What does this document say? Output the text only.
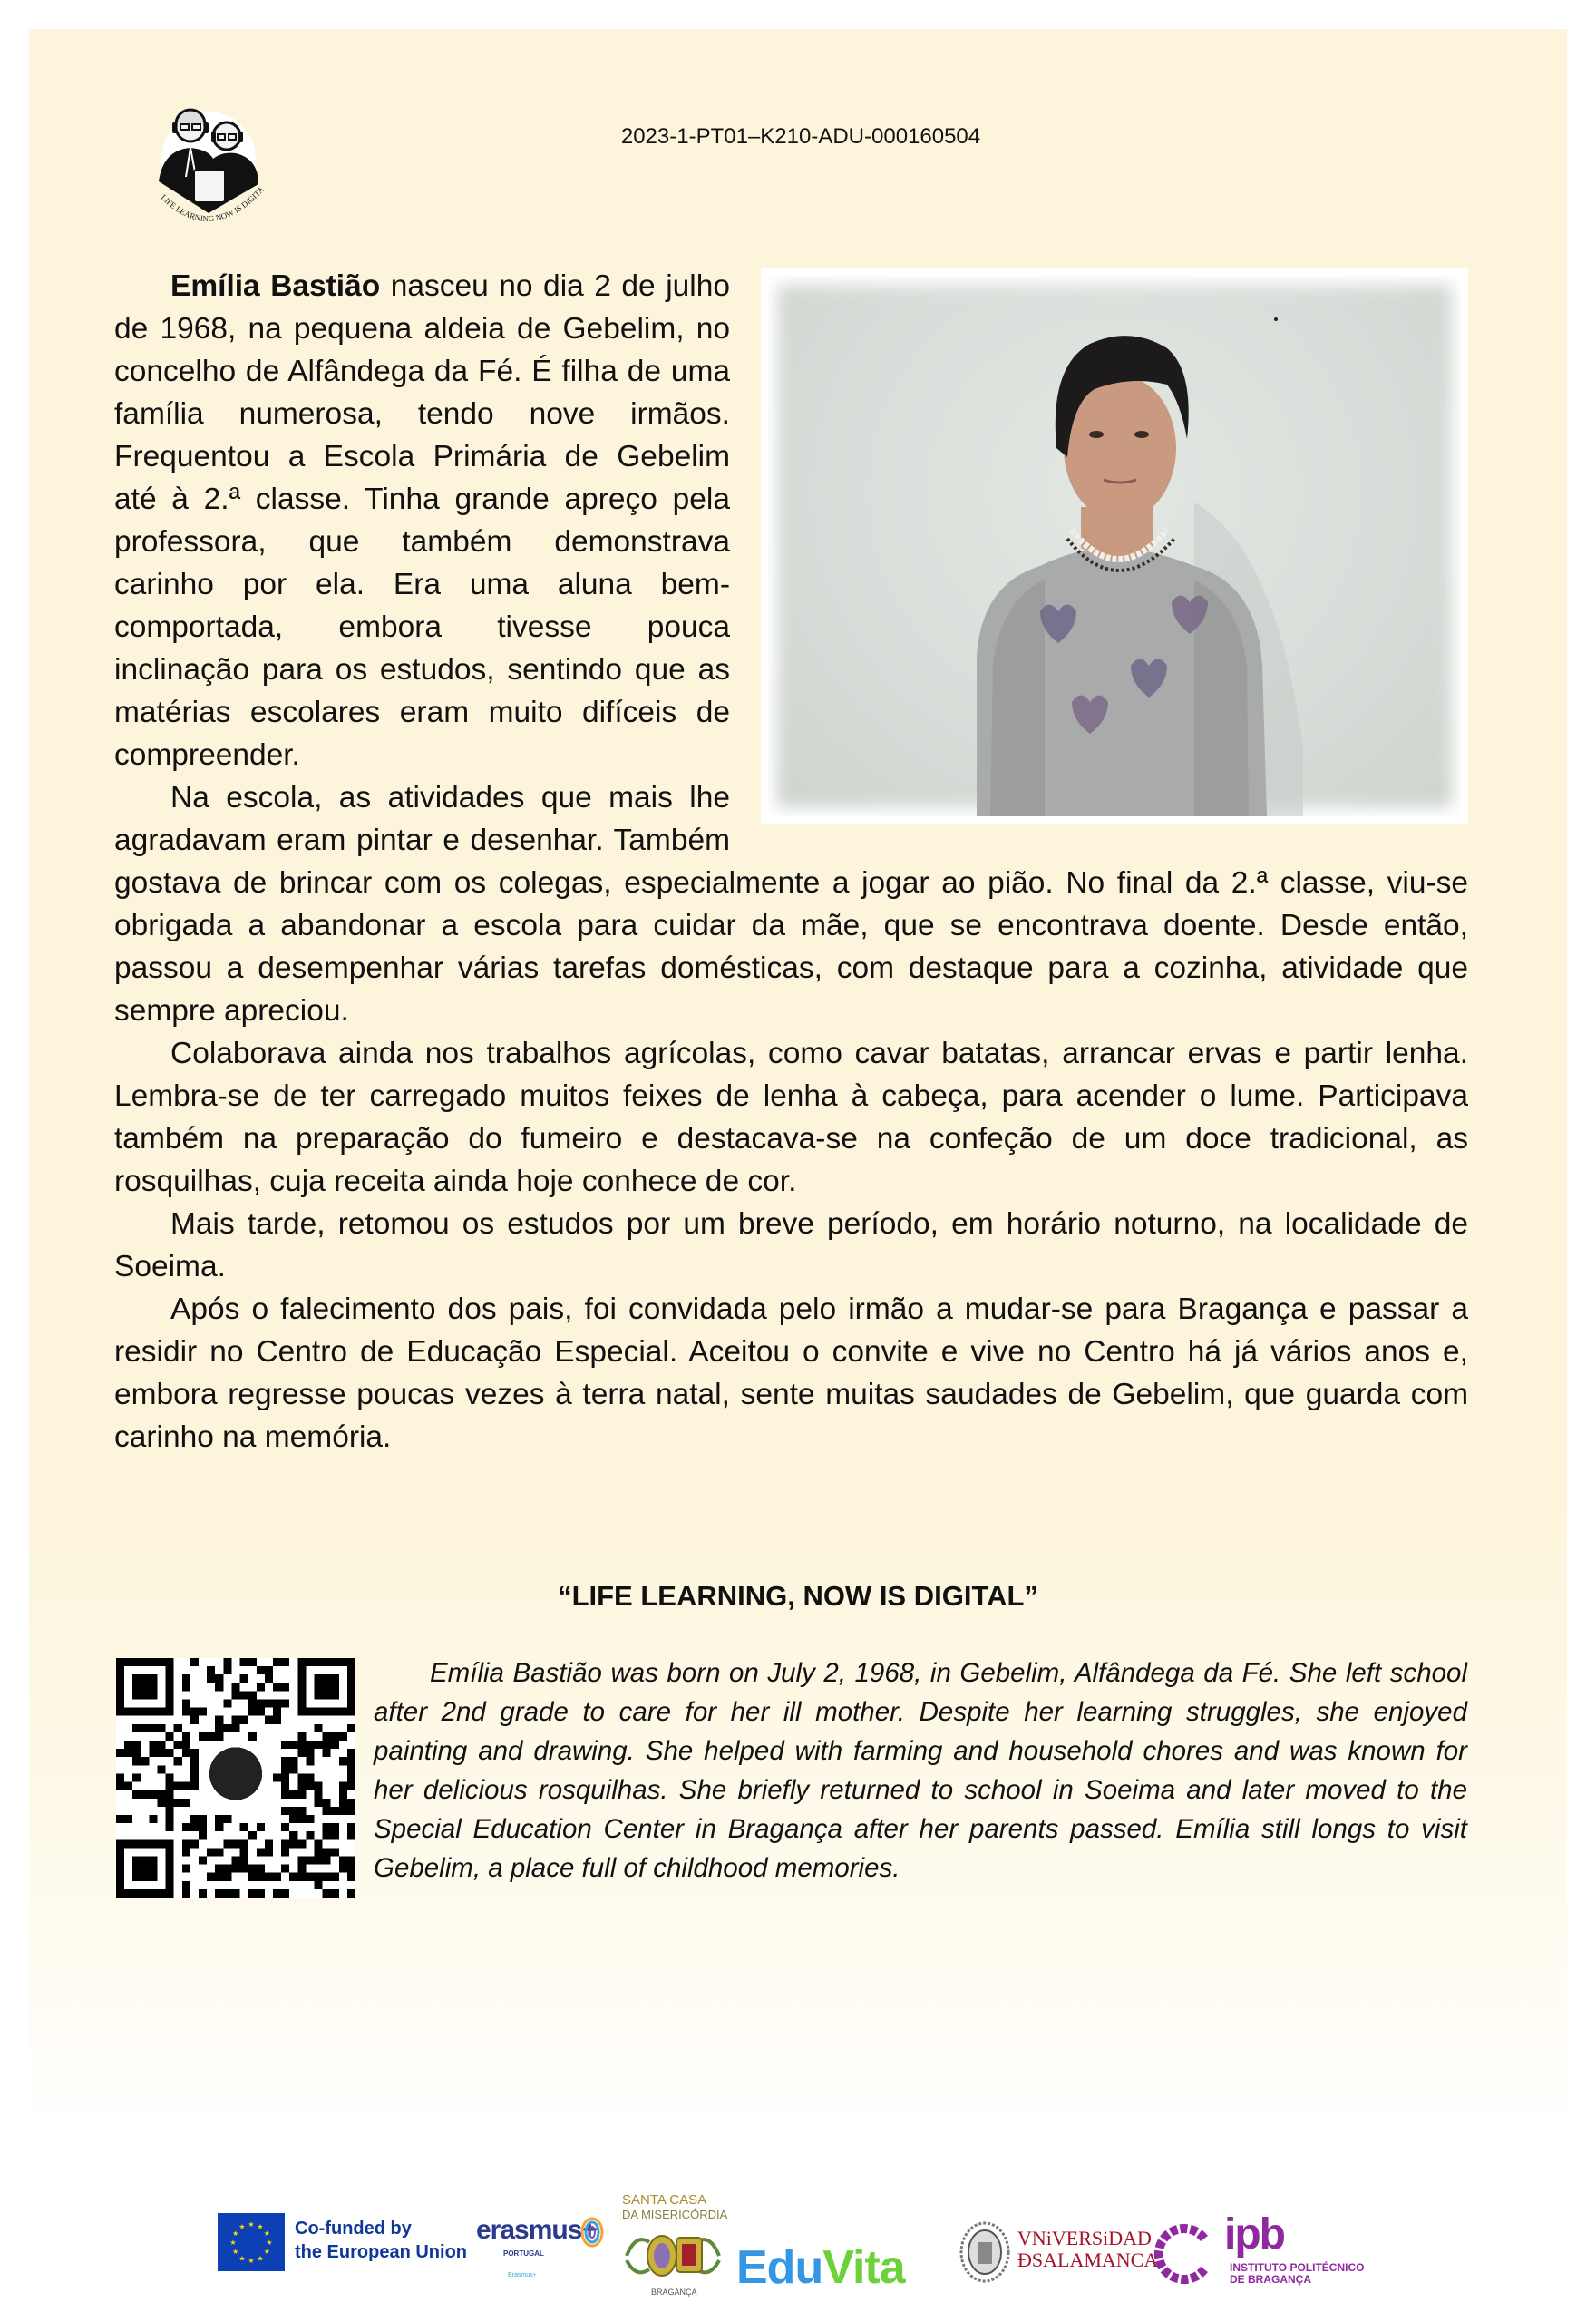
LIFE LEARNING NOW IS DIGITA
2023-1-PT01–K210-ADU-000160504

Emília Bastião nasceu no dia 2 de julho de 1968, na pequena aldeia de Gebelim, no concelho de Alfândega da Fé. É filha de uma família numerosa, tendo nove irmãos. Frequentou a Escola Primária de Gebelim até à 2.ª classe. Tinha grande apreço pela professora, que também demonstrava carinho por ela. Era uma aluna bem-comportada, embora tivesse pouca inclinação para os estudos, sentindo que as matérias escolares eram muito difíceis de compreender.

Na escola, as atividades que mais lhe agradavam eram pintar e desenhar. Também gostava de brincar com os colegas, especialmente a jogar ao pião. No final da 2.ª classe, viu-se obrigada a abandonar a escola para cuidar da mãe, que se encontrava doente. Desde então, passou a desempenhar várias tarefas domésticas, com destaque para a cozinha, atividade que sempre apreciou.

Colaborava ainda nos trabalhos agrícolas, como cavar batatas, arrancar ervas e partir lenha. Lembra-se de ter carregado muitos feixes de lenha à cabeça, para acender o lume. Participava também na preparação do fumeiro e destacava-se na confeção de um doce tradicional, as rosquilhas, cuja receita ainda hoje conhece de cor.

Mais tarde, retomou os estudos por um breve período, em horário noturno, na localidade de Soeima.

Após o falecimento dos pais, foi convidada pelo irmão a mudar-se para Bragança e passar a residir no Centro de Educação Especial. Aceitou o convite e vive no Centro há já vários anos e, embora regresse poucas vezes à terra natal, sente muitas saudades de Gebelim, que guarda com carinho na memória.

“LIFE LEARNING, NOW IS DIGITAL”

Emília Bastião was born on July 2, 1968, in Gebelim, Alfândega da Fé. She left school after 2nd grade to care for her ill mother. Despite her learning struggles, she enjoyed painting and drawing. She helped with farming and household chores and was known for her delicious rosquilhas. She briefly returned to school in Soeima and later moved to the Special Education Center in Bragança after her parents passed. Emília still longs to visit Gebelim, a place full of childhood memories.

★
★
★
★
★
★
★
★
★ ★ ★
★ Co-funded by
the European Union
erasmus+
PORTUGAL
Erasmus+
SANTA CASA
DA MISERICÓRDIA
BRAGANÇA EduVita
VNiVERSiDAD
ÐSALAMANCA
ipb
INSTITUTO POLITÉCNICO
DE BRAGANÇA
